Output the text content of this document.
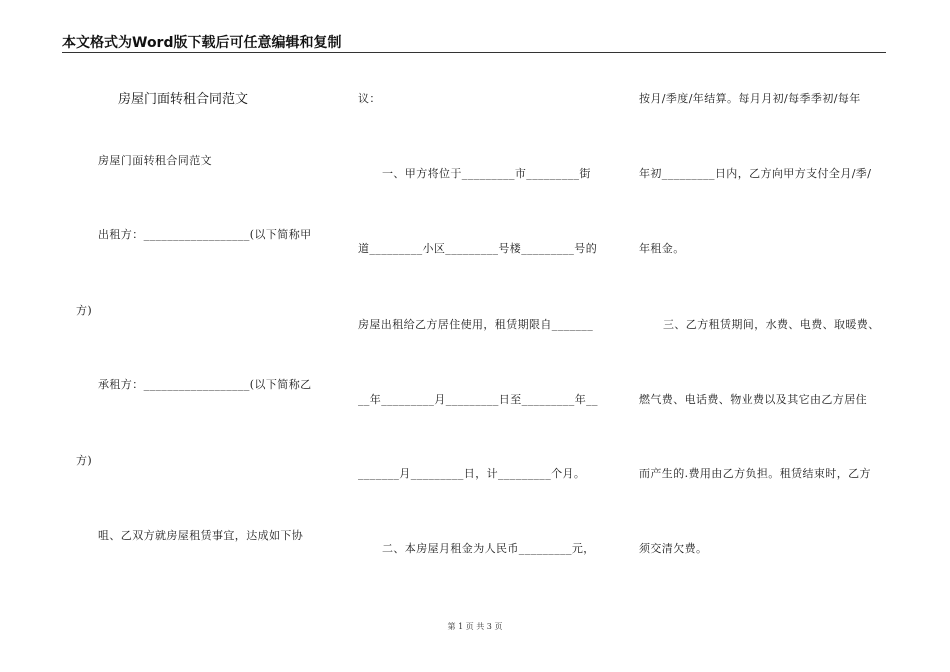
本文格式为Word版下载后可任意编辑和复制
房屋门面转租合同范文
房屋门面转租合同范文
出租方：__________________(以下简称甲
方)
承租方：__________________(以下简称乙
方)
咀、乙双方就房屋租赁事宜，达成如下协
议：
一、甲方将位于_________市_________街
道_________小区_________号楼_________号的
房屋出租给乙方居住使用，租赁期限自_______
__年_________月_________日至_________年__
_______月_________日，计_________个月。
二、本房屋月租金为人民币_________元，
按月/季度/年结算。每月月初/每季季初/每年
年初_________日内，乙方向甲方支付全月/季/
年租金。
三、乙方租赁期间，水费、电费、取暖费、
燃气费、电话费、物业费以及其它由乙方居住
而产生的.费用由乙方负担。租赁结束时，乙方
须交清欠费。
第 1 页 共 3 页
